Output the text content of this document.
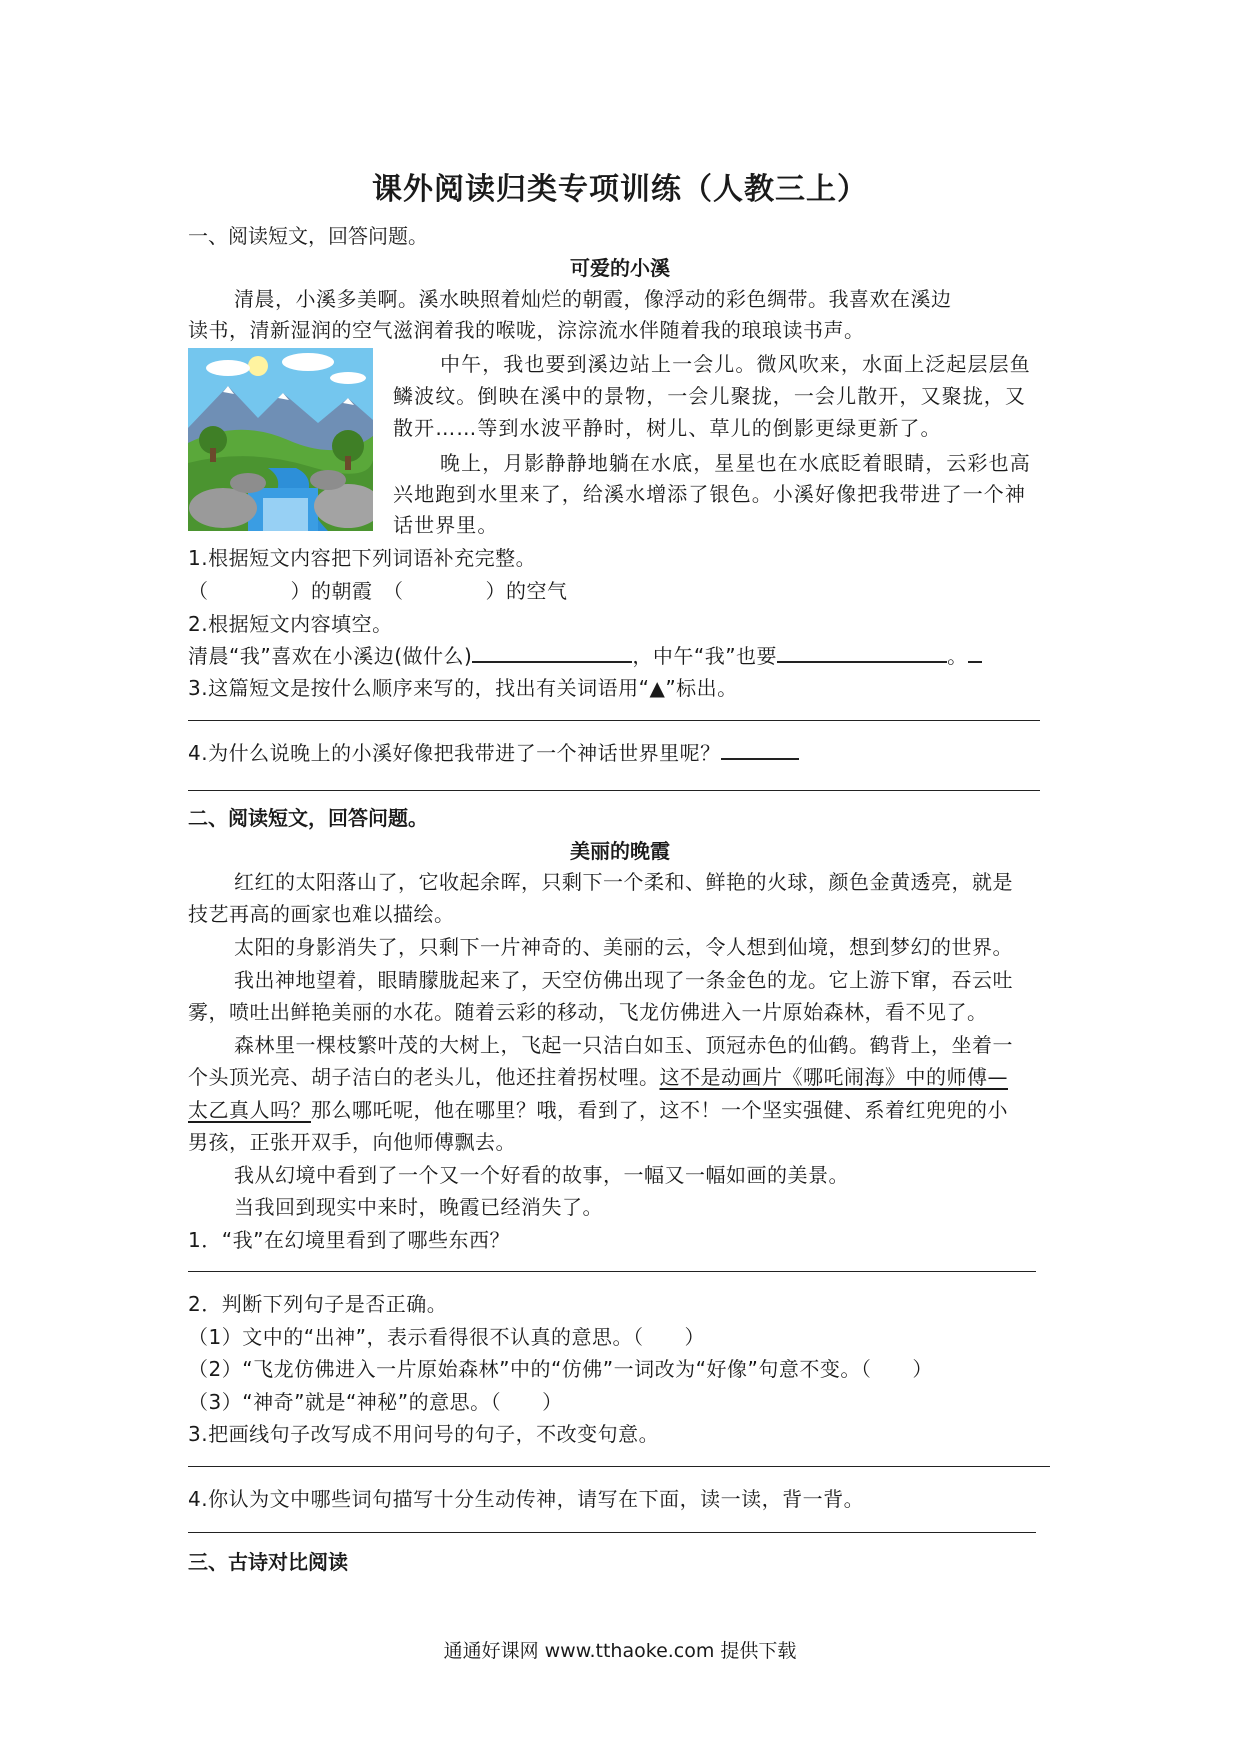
课外阅读归类专项训练（人教三上）
一、阅读短文，回答问题。
可爱的小溪
清晨，小溪多美啊。溪水映照着灿烂的朝霞，像浮动的彩色绸带。我喜欢在溪边
读书，清新湿润的空气滋润着我的喉咙，淙淙流水伴随着我的琅琅读书声。
中午，我也要到溪边站上一会儿。微风吹来，水面上泛起层层鱼
鳞波纹。倒映在溪中的景物，一会儿聚拢，一会儿散开，又聚拢，又
散开……等到水波平静时，树儿、草儿的倒影更绿更新了。
晚上，月影静静地躺在水底，星星也在水底眨着眼睛，云彩也高
兴地跑到水里来了，给溪水增添了银色。小溪好像把我带进了一个神
话世界里。
1.根据短文内容把下列词语补充完整。
（　　　　）的朝霞　（　　　　）的空气
2.根据短文内容填空。
清晨“我”喜欢在小溪边(做什么)	，中午“我”也要	。
3.这篇短文是按什么顺序来写的，找出有关词语用“▲”标出。
4.为什么说晚上的小溪好像把我带进了一个神话世界里呢？
二、阅读短文，回答问题。
美丽的晚霞
红红的太阳落山了，它收起余晖，只剩下一个柔和、鲜艳的火球，颜色金黄透亮，就是
技艺再高的画家也难以描绘。
太阳的身影消失了，只剩下一片神奇的、美丽的云，令人想到仙境，想到梦幻的世界。
我出神地望着，眼睛朦胧起来了，天空仿佛出现了一条金色的龙。它上游下窜，吞云吐
雾，喷吐出鲜艳美丽的水花。随着云彩的移动，飞龙仿佛进入一片原始森林，看不见了。
森林里一棵枝繁叶茂的大树上，飞起一只洁白如玉、顶冠赤色的仙鹤。鹤背上，坐着一
个头顶光亮、胡子洁白的老头儿，他还拄着拐杖哩。这不是动画片《哪吒闹海》中的师傅—
太乙真人吗？那么哪吒呢，他在哪里？哦，看到了，这不！一个坚实强健、系着红兜兜的小
男孩，正张开双手，向他师傅飘去。
我从幻境中看到了一个又一个好看的故事，一幅又一幅如画的美景。
当我回到现实中来时，晚霞已经消失了。
1．“我”在幻境里看到了哪些东西？
2．判断下列句子是否正确。
（1）文中的“出神”，表示看得很不认真的意思。（　　）
（2）“飞龙仿佛进入一片原始森林”中的“仿佛”一词改为“好像”句意不变。（　　）
（3）“神奇”就是“神秘”的意思。（　　）
3.把画线句子改写成不用问号的句子，不改变句意。
4.你认为文中哪些词句描写十分生动传神，请写在下面，读一读，背一背。
三、古诗对比阅读
通通好课网 www.tthaoke.com 提供下载
